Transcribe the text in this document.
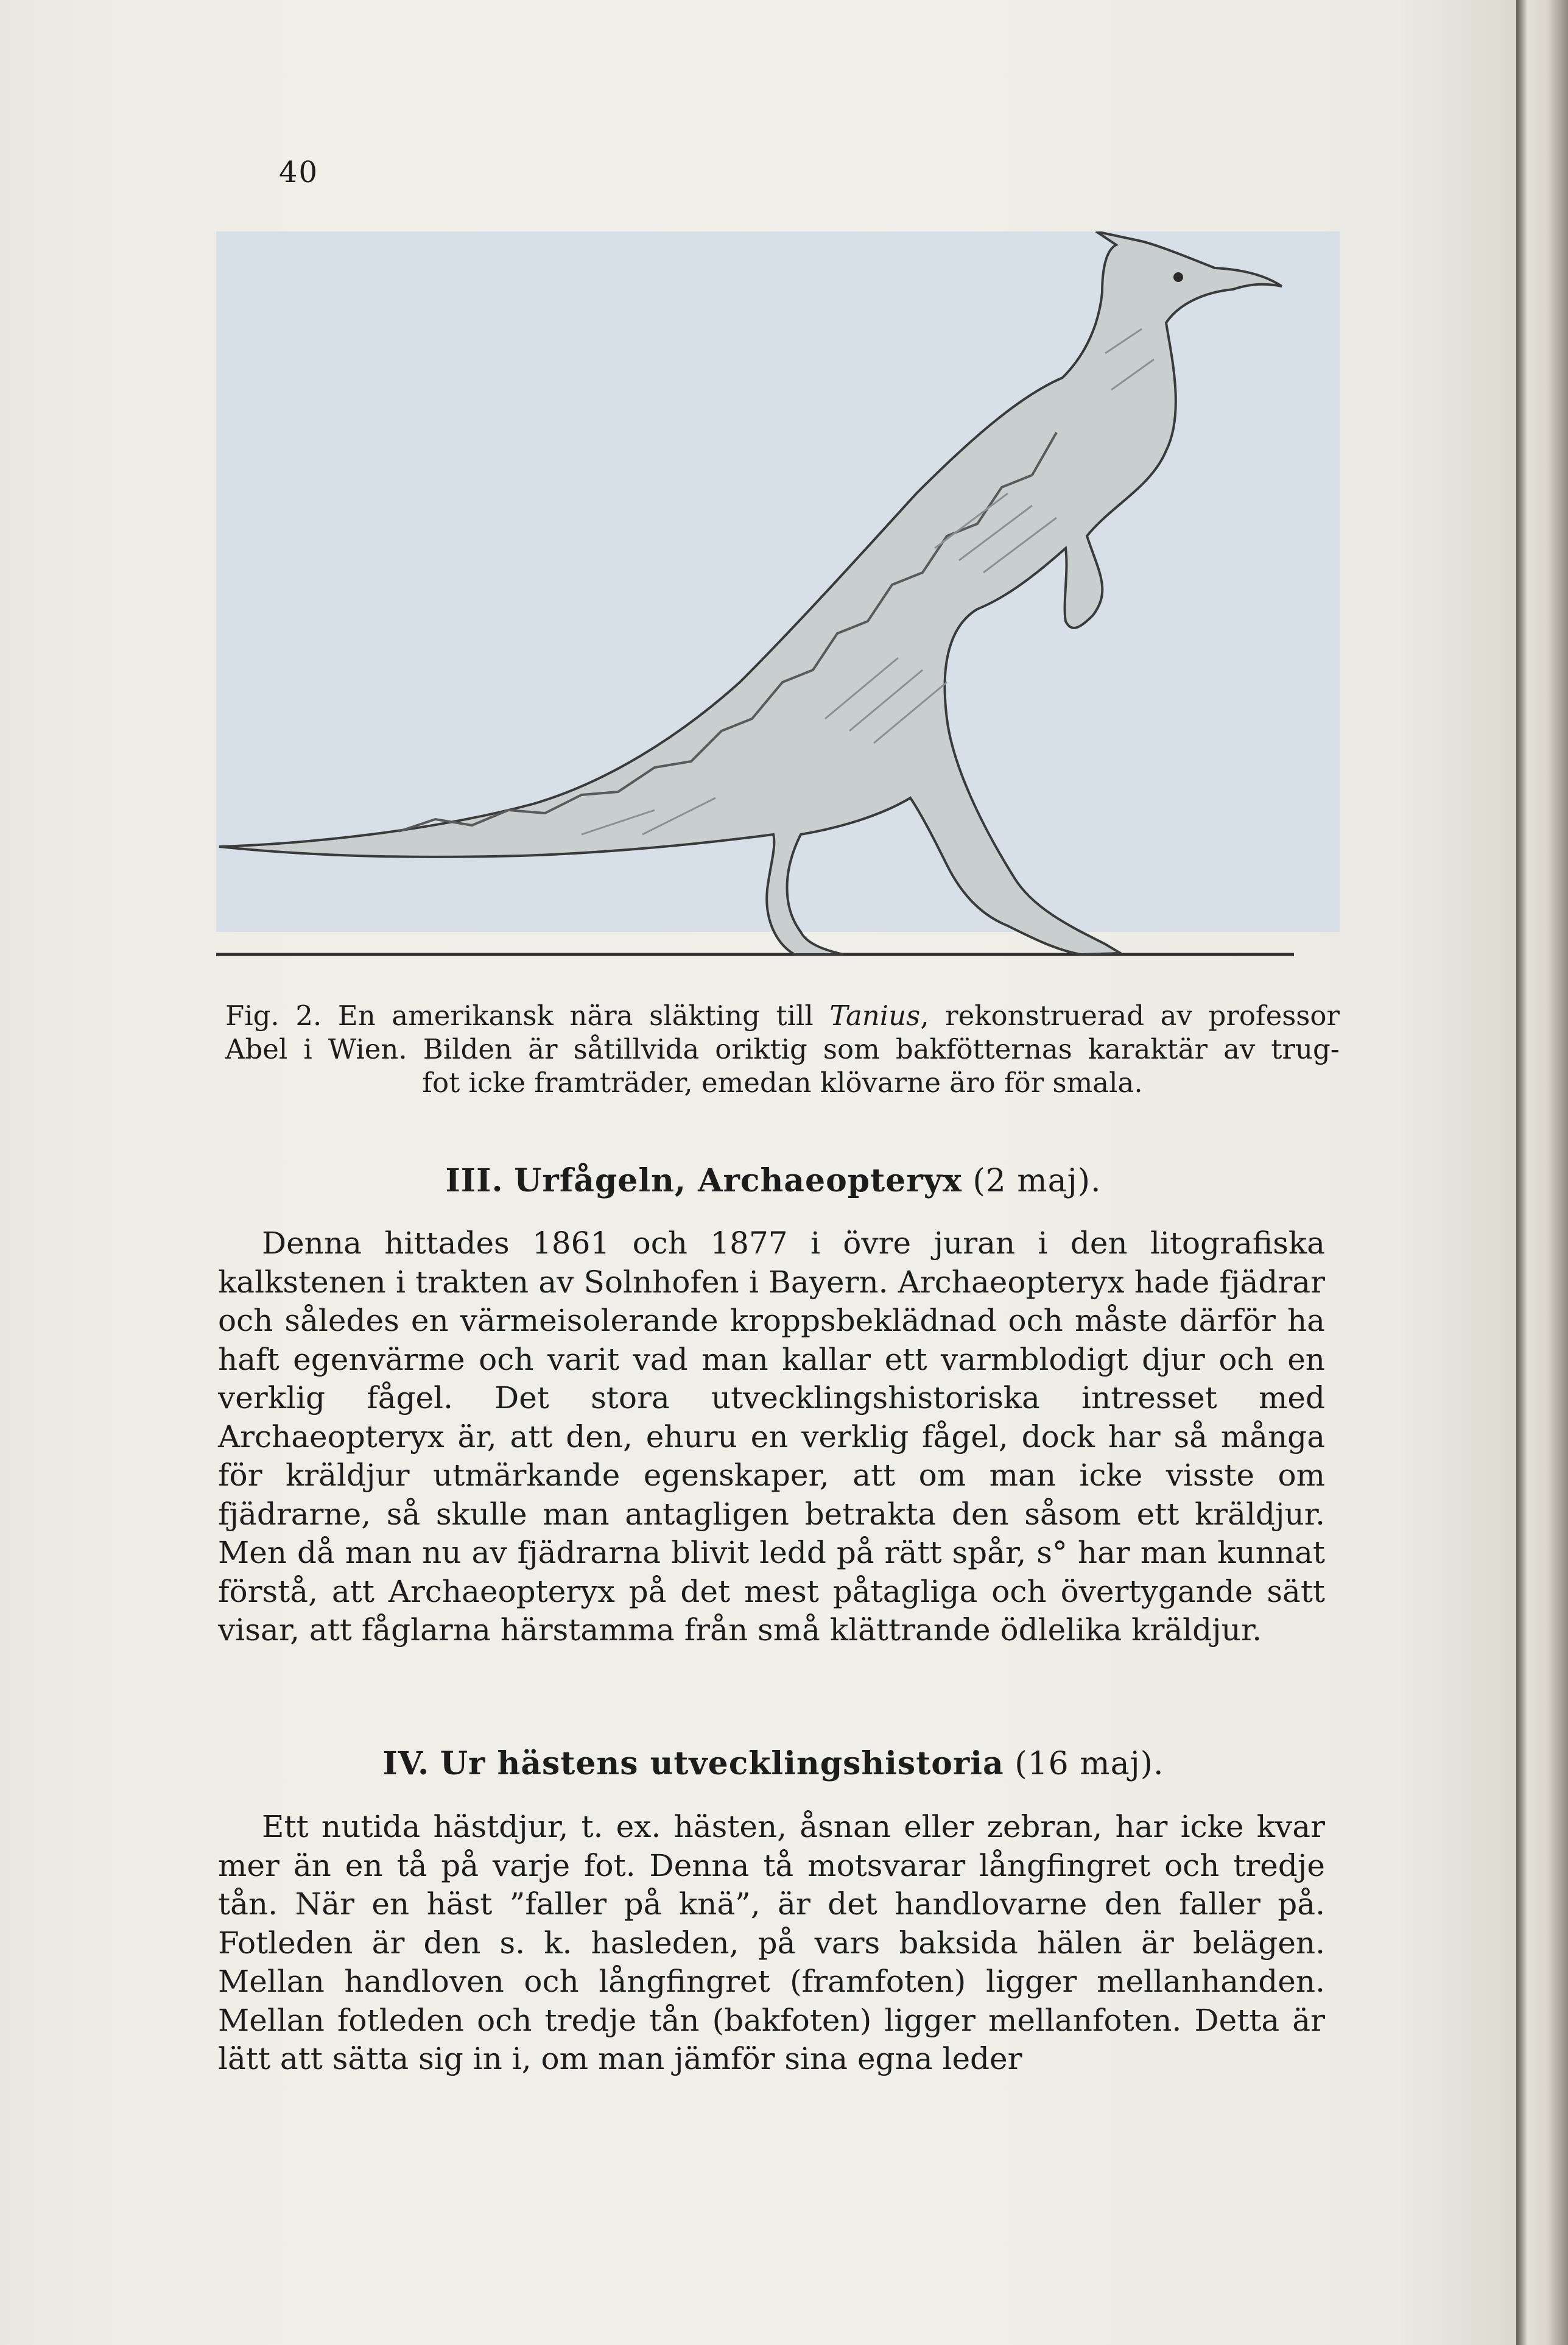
40

Fig. 2. En amerikansk nära släkting till Tanius, rekonstruerad av professor

Abel i Wien. Bilden är såtillvida oriktig som bakfötternas karaktär av trug-

fot icke framträder, emedan klövarne äro för smala.

III. Urfågeln, Archaeopteryx (2 maj).

Denna hittades 1861 och 1877 i övre juran i den litografiska kalkstenen i trakten av Solnhofen i Bayern. Archaeopteryx hade fjädrar och således en värmeisolerande kroppsbeklädnad och måste därför ha haft egenvärme och varit vad man kallar ett varmblodigt djur och en verklig fågel. Det stora utvecklingshistoriska intresset med Archaeopteryx är, att den, ehuru en verklig fågel, dock har så många för kräldjur utmärkande egenskaper, att om man icke visste om fjädrarne, så skulle man antagligen betrakta den såsom ett kräldjur. Men då man nu av fjädrarna blivit ledd på rätt spår, s° har man kunnat förstå, att Archaeopteryx på det mest påtagliga och övertygande sätt visar, att fåglarna härstamma från små klättrande ödlelika kräldjur.

IV. Ur hästens utvecklingshistoria (16 maj).

Ett nutida hästdjur, t. ex. hästen, åsnan eller zebran, har icke kvar mer än en tå på varje fot. Denna tå motsvarar långfingret och tredje tån. När en häst ”faller på knä”, är det handlovarne den faller på. Fotleden är den s. k. hasleden, på vars baksida hälen är belägen. Mellan handloven och långfingret (framfoten) ligger mellanhanden. Mellan fotleden och tredje tån (bakfoten) ligger mellanfoten. Detta är lätt att sätta sig in i, om man jämför sina egna leder
